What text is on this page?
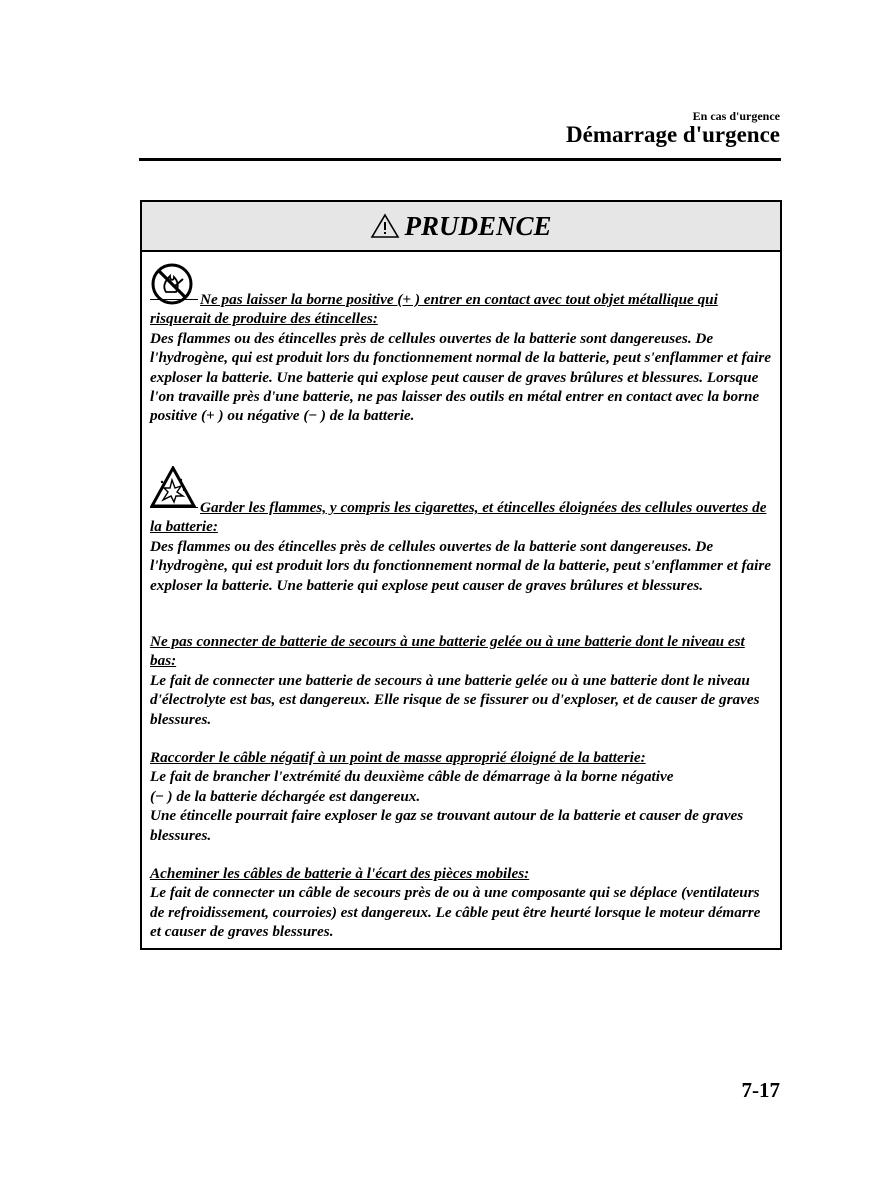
En cas d'urgence
Démarrage d'urgence
PRUDENCE

Ne pas laisser la borne positive (+ ) entrer en contact avec tout objet métallique qui risquerait de produire des étincelles:

Des flammes ou des étincelles près de cellules ouvertes de la batterie sont dangereuses. De l'hydrogène, qui est produit lors du fonctionnement normal de la batterie, peut s'enflammer et faire exploser la batterie. Une batterie qui explose peut causer de graves brûlures et blessures. Lorsque l'on travaille près d'une batterie, ne pas laisser des outils en métal entrer en contact avec la borne positive (+ ) ou négative (− ) de la batterie.

Garder les flammes, y compris les cigarettes, et étincelles éloignées des cellules ouvertes de la batterie:

Des flammes ou des étincelles près de cellules ouvertes de la batterie sont dangereuses. De l'hydrogène, qui est produit lors du fonctionnement normal de la batterie, peut s'enflammer et faire exploser la batterie. Une batterie qui explose peut causer de graves brûlures et blessures.

Ne pas connecter de batterie de secours à une batterie gelée ou à une batterie dont le niveau est bas:

Le fait de connecter une batterie de secours à une batterie gelée ou à une batterie dont le niveau d'électrolyte est bas, est dangereux. Elle risque de se fissurer ou d'exploser, et de causer de graves blessures.

Raccorder le câble négatif à un point de masse approprié éloigné de la batterie:

Le fait de brancher l'extrémité du deuxième câble de démarrage à la borne négative
(− ) de la batterie déchargée est dangereux.
Une étincelle pourrait faire exploser le gaz se trouvant autour de la batterie et causer de graves blessures.

Acheminer les câbles de batterie à l'écart des pièces mobiles:

Le fait de connecter un câble de secours près de ou à une composante qui se déplace (ventilateurs de refroidissement, courroies) est dangereux. Le câble peut être heurté lorsque le moteur démarre et causer de graves blessures.

7-17
